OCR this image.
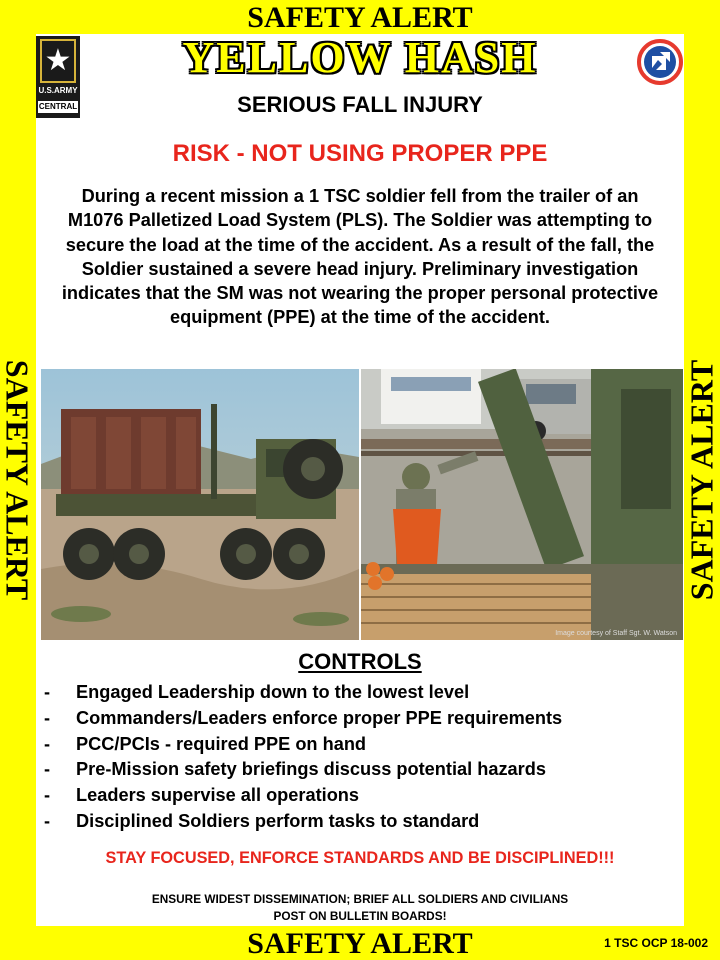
SAFETY ALERT
SAFETY ALERT	SAFETY ALERT
YELLOW HASH
★
U.S.ARMY
CENTRAL	SERIOUS FALL INJURY
RISK - NOT USING PROPER PPE
During a recent mission a 1 TSC soldier fell from the trailer of an M1076 Palletized Load System (PLS). The Soldier was attempting to secure the load at the time of the accident. As a result of the fall, the Soldier sustained a severe head injury. Preliminary investigation indicates that the SM was not wearing the proper personal protective equipment (PPE) at the time of the accident.
Image courtesy of Staff Sgt. W. Watson
CONTROLS
- Engaged Leadership down to the lowest level
- Commanders/Leaders enforce proper PPE requirements
- PCC/PCIs - required PPE on hand
- Pre-Mission safety briefings discuss potential hazards
- Leaders supervise all operations
- Disciplined Soldiers perform tasks to standard
STAY FOCUSED, ENFORCE STANDARDS AND BE DISCIPLINED!!!
ENSURE WIDEST DISSEMINATION; BRIEF ALL SOLDIERS AND CIVILIANS
POST ON BULLETIN BOARDS!
SAFETY ALERT	1 TSC OCP 18-002
